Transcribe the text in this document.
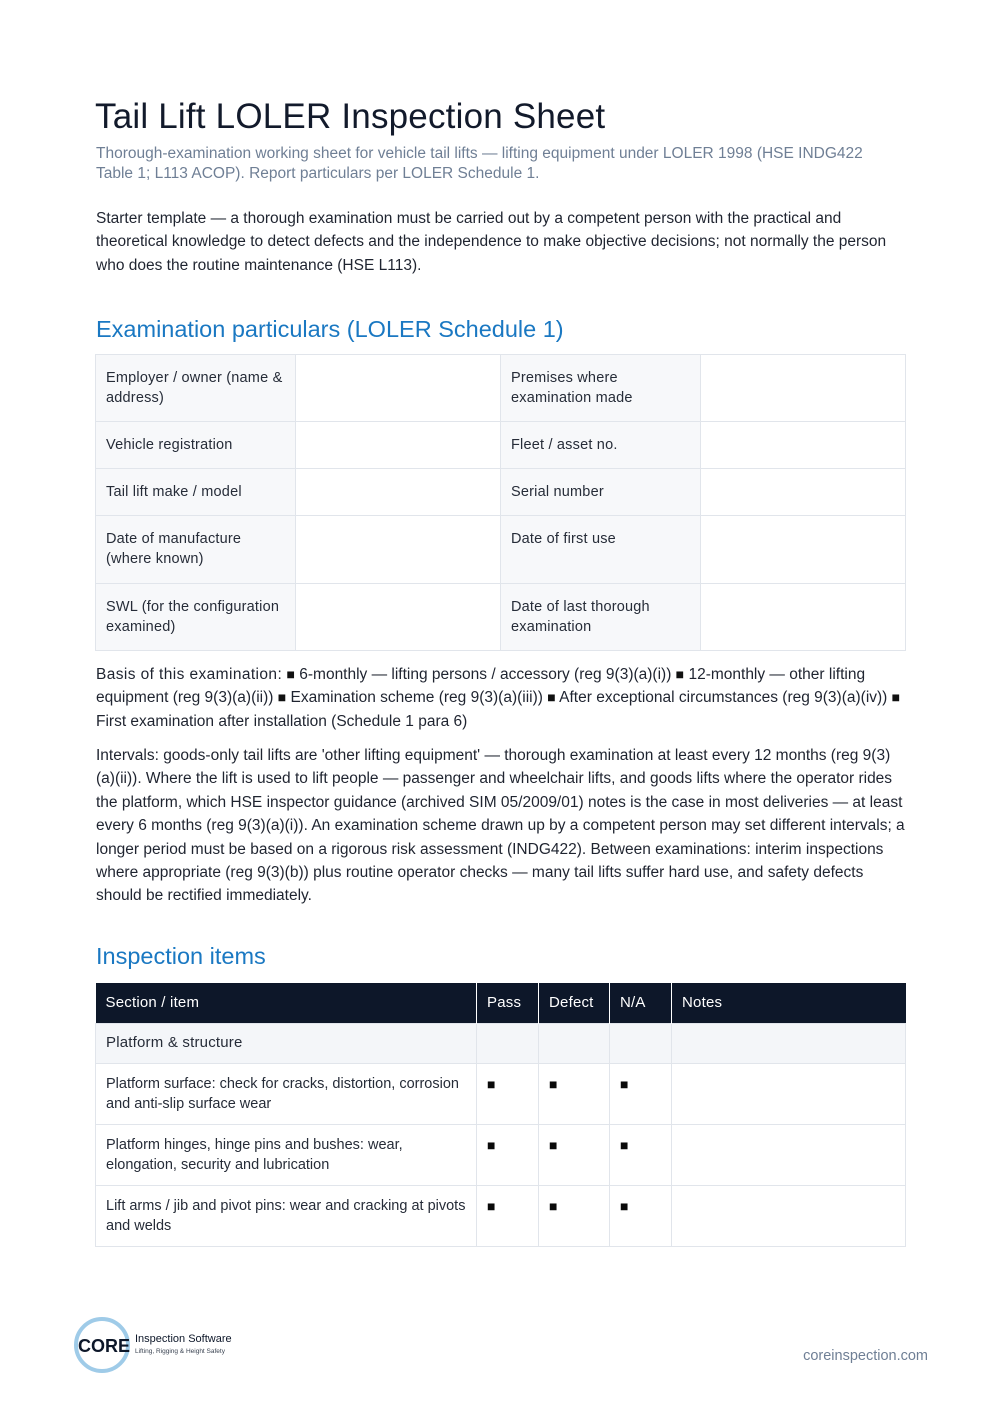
Tail Lift LOLER Inspection Sheet

Thorough-examination working sheet for vehicle tail lifts — lifting equipment under LOLER 1998 (HSE INDG422 Table 1; L113 ACOP). Report particulars per LOLER Schedule 1.

Starter template — a thorough examination must be carried out by a competent person with the practical and theoretical knowledge to detect defects and the independence to make objective decisions; not normally the person who does the routine maintenance (HSE L113).

Examination particulars (LOLER Schedule 1)
Employer / owner (name & address)		Premises where examination made	
Vehicle registration		Fleet / asset no.	
Tail lift make / model		Serial number	
Date of manufacture (where known)		Date of first use	
SWL (for the configuration examined)		Date of last thorough examination	

Basis of this examination: ■ 6-monthly — lifting persons / accessory (reg 9(3)(a)(i)) ■ 12-monthly — other lifting equipment (reg 9(3)(a)(ii)) ■ Examination scheme (reg 9(3)(a)(iii)) ■ After exceptional circumstances (reg 9(3)(a)(iv)) ■ First examination after installation (Schedule 1 para 6)

Intervals: goods-only tail lifts are 'other lifting equipment' — thorough examination at least every 12 months (reg 9(3)(a)(ii)). Where the lift is used to lift people — passenger and wheelchair lifts, and goods lifts where the operator rides the platform, which HSE inspector guidance (archived SIM 05/2009/01) notes is the case in most deliveries — at least every 6 months (reg 9(3)(a)(i)). An examination scheme drawn up by a competent person may set different intervals; a longer period must be based on a rigorous risk assessment (INDG422). Between examinations: interim inspections where appropriate (reg 9(3)(b)) plus routine operator checks — many tail lifts suffer hard use, and safety defects should be rectified immediately.

Inspection items
Section / item	Pass	Defect	N/A	Notes
Platform & structure				
Platform surface: check for cracks, distortion, corrosion and anti-slip surface wear	■	■	■	
Platform hinges, hinge pins and bushes: wear, elongation, security and lubrication	■	■	■	
Lift arms / jib and pivot pins: wear and cracking at pivots and welds	■	■	■	
CORE Inspection Software
Lifting, Rigging & Height Safety	coreinspection.com
